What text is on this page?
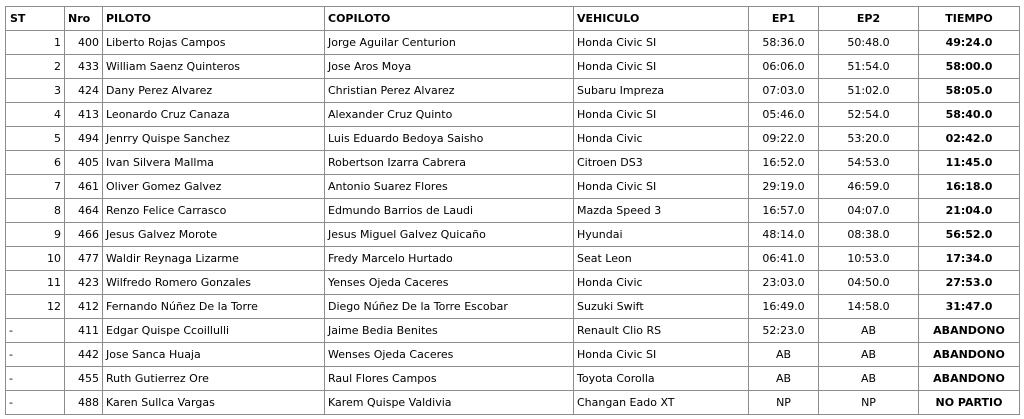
ST	Nro	PILOTO	COPILOTO	VEHICULO	EP1	EP2	TIEMPO
1	400	Liberto Rojas Campos	Jorge Aguilar Centurion	Honda Civic SI	58:36.0	50:48.0	49:24.0
2	433	William Saenz Quinteros	Jose Aros Moya	Honda Civic SI	06:06.0	51:54.0	58:00.0
3	424	Dany Perez Alvarez	Christian Perez Alvarez	Subaru Impreza	07:03.0	51:02.0	58:05.0
4	413	Leonardo Cruz Canaza	Alexander Cruz Quinto	Honda Civic SI	05:46.0	52:54.0	58:40.0
5	494	Jenrry Quispe Sanchez	Luis Eduardo Bedoya Saisho	Honda Civic	09:22.0	53:20.0	02:42.0
6	405	Ivan Silvera Mallma	Robertson Izarra Cabrera	Citroen DS3	16:52.0	54:53.0	11:45.0
7	461	Oliver Gomez Galvez	Antonio Suarez Flores	Honda Civic SI	29:19.0	46:59.0	16:18.0
8	464	Renzo Felice Carrasco	Edmundo Barrios de Laudi	Mazda Speed 3	16:57.0	04:07.0	21:04.0
9	466	Jesus Galvez Morote	Jesus Miguel Galvez Quicaño	Hyundai	48:14.0	08:38.0	56:52.0
10	477	Waldir Reynaga Lizarme	Fredy Marcelo Hurtado	Seat Leon	06:41.0	10:53.0	17:34.0
11	423	Wilfredo Romero Gonzales	Yenses Ojeda Caceres	Honda Civic	23:03.0	04:50.0	27:53.0
12	412	Fernando Núñez De la Torre	Diego Núñez De la Torre Escobar	Suzuki Swift	16:49.0	14:58.0	31:47.0
-	411	Edgar Quispe Ccoillulli	Jaime Bedia Benites	Renault Clio RS	52:23.0	AB	ABANDONO
-	442	Jose Sanca Huaja	Wenses Ojeda Caceres	Honda Civic SI	AB	AB	ABANDONO
-	455	Ruth Gutierrez Ore	Raul Flores Campos	Toyota Corolla	AB	AB	ABANDONO
-	488	Karen Sullca Vargas	Karem Quispe Valdivia	Changan Eado XT	NP	NP	NO PARTIO
